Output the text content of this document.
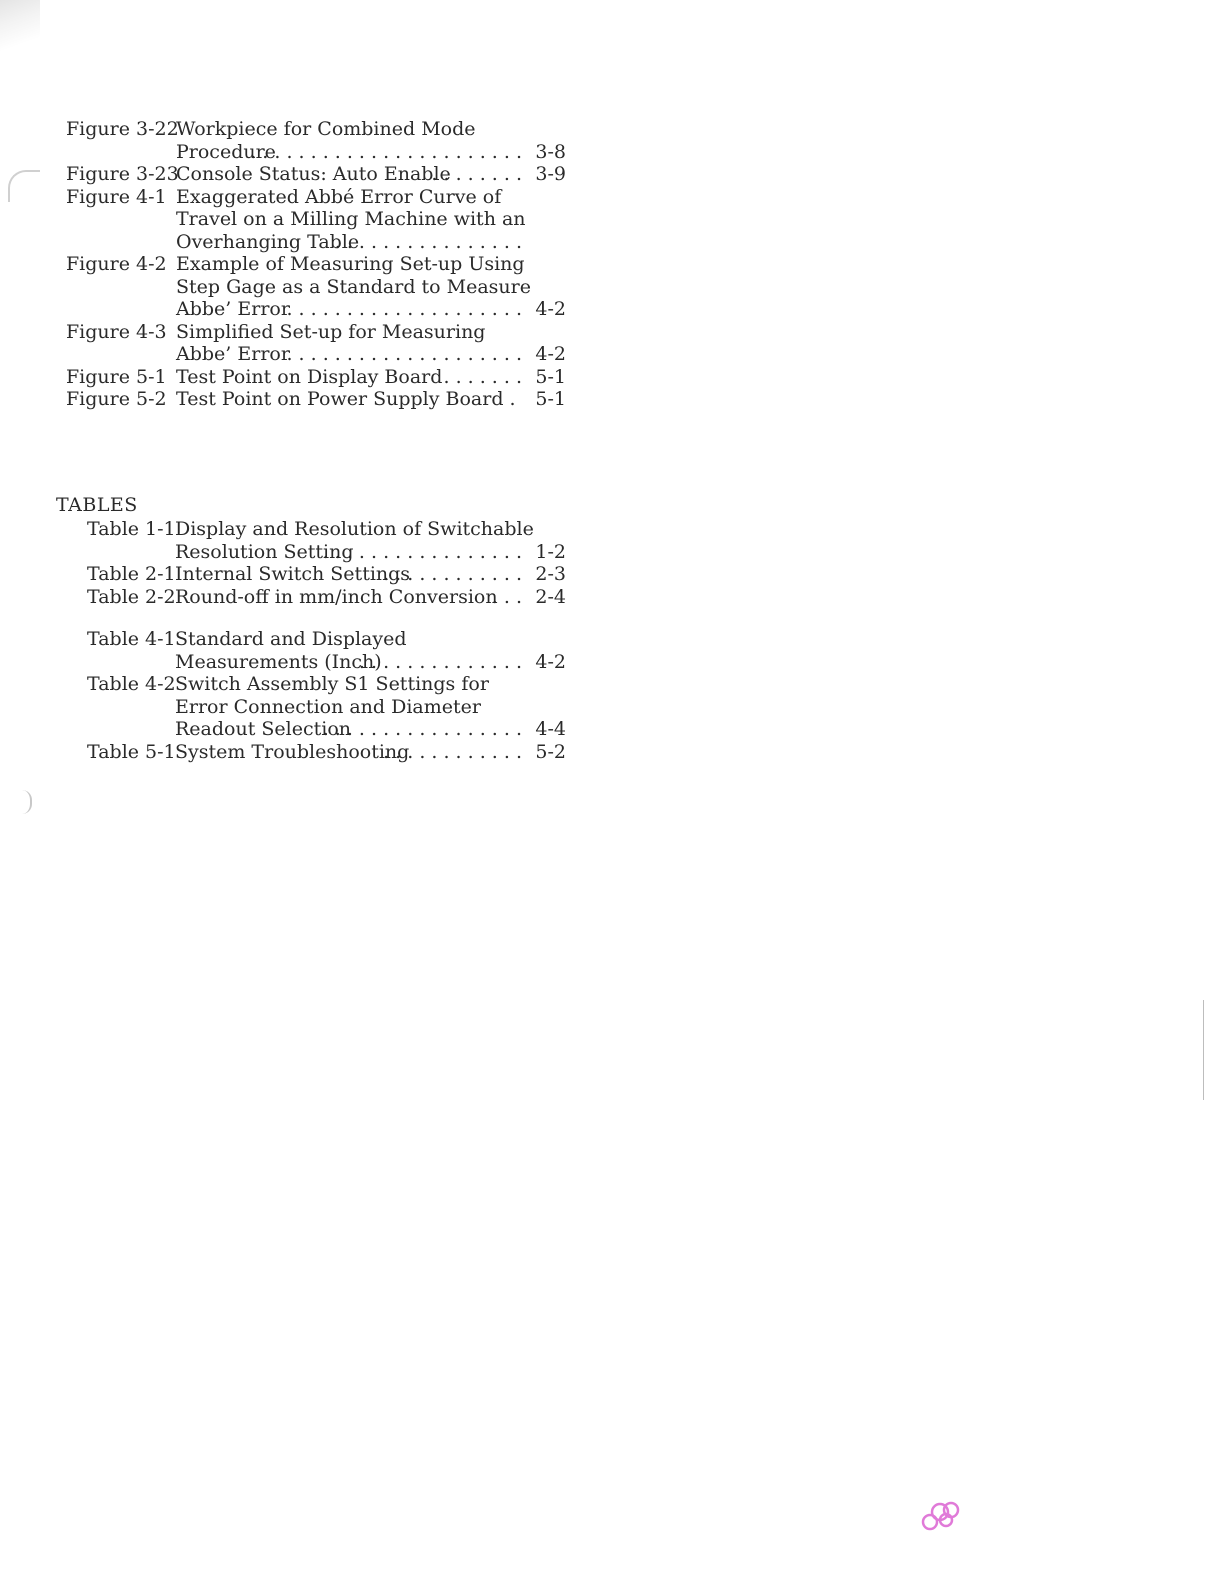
Figure 3-22
Workpiece for Combined Mode
Procedure
. . . . . . . . . . . . . . . . . . . . . . . 3-8
Figure 3-23
Console Status: Auto Enable
. . . . . . . . 3-9
Figure 4-1 Exaggerated Abbé Error Curve of
Travel on a Milling Machine with an
Overhanging Table
. . . . . . . . . . . . . . . .
Figure 4-2 Example of Measuring Set-up Using
Step Gage as a Standard to Measure
Abbe’ Error
. . . . . . . . . . . . . . . . . . . . 4-2
Figure 4-3 Simplified Set-up for Measuring
Abbe’ Error
. . . . . . . . . . . . . . . . . . . . 4-2
Figure 5-1 Test Point on Display Board . . . . . . . 5-1
Figure 5-2 Test Point on Power Supply Board .	5-1
TABLES
Table 1-1 Display and Resolution of Switchable
Resolution Setting
. . . . . . . . . . . . . . . . . 1-2
Table 2-1 Internal Switch Settings
. . . . . . . . . . . . 2-3
Table 2-2 Round-off in mm/inch Conversion
. . . 2-4
Table 4-1 Standard and Displayed
Measurements (Inch)
. . . . . . . . . . . . . . 4-2
Table 4-2 Switch Assembly S1 Settings for
Error Connection and Diameter
Readout Selection
. . . . . . . . . . . . . . . . . 4-4
Table 5-1 System Troubleshooting
. . . . . . . . . . . . 5-2
